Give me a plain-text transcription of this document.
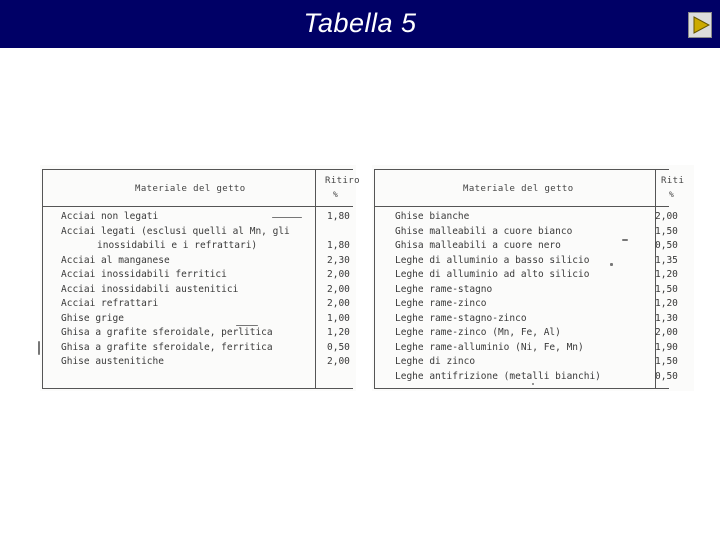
Tabella 5
Materiale del getto
Ritiro
%
Acciai non legati	1,80
Acciai legati (esclusi quelli al Mn, gli
inossidabili e i refrattari)	1,80
Acciai al manganese	2,30
Acciai inossidabili ferritici	2,00
Acciai inossidabili austenitici	2,00
Acciai refrattari	2,00
Ghise grige	1,00
Ghisa a grafite sferoidale, perlitica	1,20
Ghisa a grafite sferoidale, ferritica	0,50
Ghise austenitiche	2,00
Materiale del getto
Riti
%
Ghise bianche	2,00
Ghise malleabili a cuore bianco	1,50
Ghisa malleabili a cuore nero	0,50
Leghe di alluminio a basso silicio	1,35
Leghe di alluminio ad alto silicio	1,20
Leghe rame-stagno	1,50
Leghe rame-zinco	1,20
Leghe rame-stagno-zinco	1,30
Leghe rame-zinco (Mn, Fe, Al)	2,00
Leghe rame-alluminio (Ni, Fe, Mn)	1,90
Leghe di zinco	1,50
Leghe antifrizione (metalli bianchi)	0,50
